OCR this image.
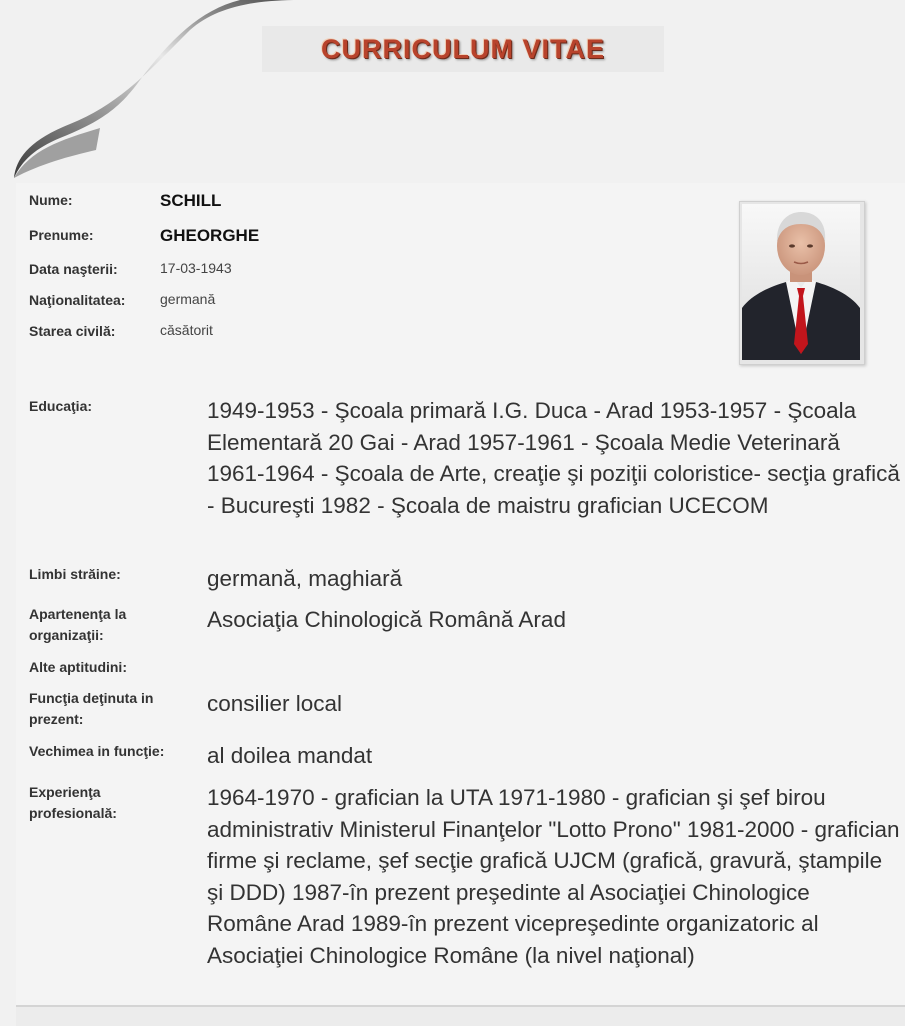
CURRICULUM VITAE
Nume:	SCHILL
Prenume:	GHEORGHE
Data naşterii:	17-03-1943
Naţionalitatea: germană
Starea civilă:	căsătorit
Educaţia:	1949-1953 - Şcoala primară I.G. Duca - Arad 1953-1957 - Şcoala Elementară 20 Gai - Arad 1957-1961 - Şcoala Medie Veterinară 1961-1964 - Şcoala de Arte, creaţie şi poziţii coloristice- secţia grafică - Bucureşti 1982 - Şcoala de maistru grafician UCECOM
Limbi străine:	germană, maghiară
Apartenenţa la
organizaţii:
Asociaţia Chinologică Română Arad
Alte aptitudini:
Funcţia deţinuta in
prezent:
consilier local
Vechimea in funcţie: al doilea mandat
Experienţa
profesională:
1964-1970 - grafician la UTA 1971-1980 - grafician şi şef birou administrativ Ministerul Finanţelor "Lotto Prono" 1981-2000 - grafician firme şi reclame, şef secţie grafică UJCM (grafică, gravură, ştampile şi DDD) 1987-în prezent preşedinte al Asociaţiei Chinologice Române Arad 1989-în prezent vicepreşedinte organizatoric al Asociaţiei Chinologice Române (la nivel naţional)
